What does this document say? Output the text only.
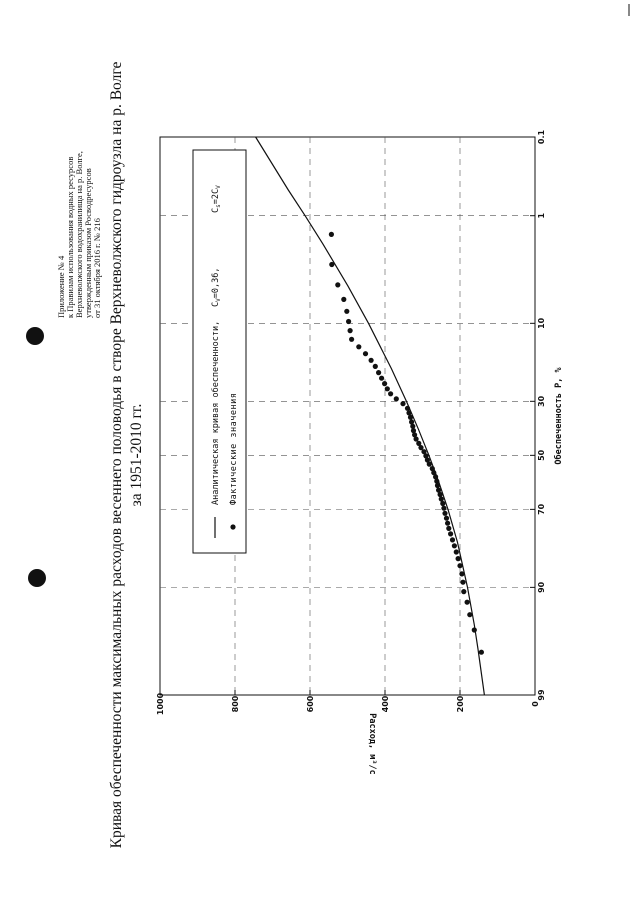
Приложение № 4 к Правилам использования водных ресурсов Верхневолжского водохранилища на р. Волге, утвержденным приказом Росводресурсов от 31 октября 2016 г. № 216 Кривая обеспеченности максимальных расходов весеннего половодья в створе Верхневолжского гидроузла на р. Волге за 1951-2010 гг.
0.1
1
10
30
50
70
90
99
0
200
400
600
800
1000
Обеспеченность P, %
Расход, м³/с
Аналитическая кривая обеспеченности,
$C_V=0,36$,
$C_s=2C_V$
Фактические значения
